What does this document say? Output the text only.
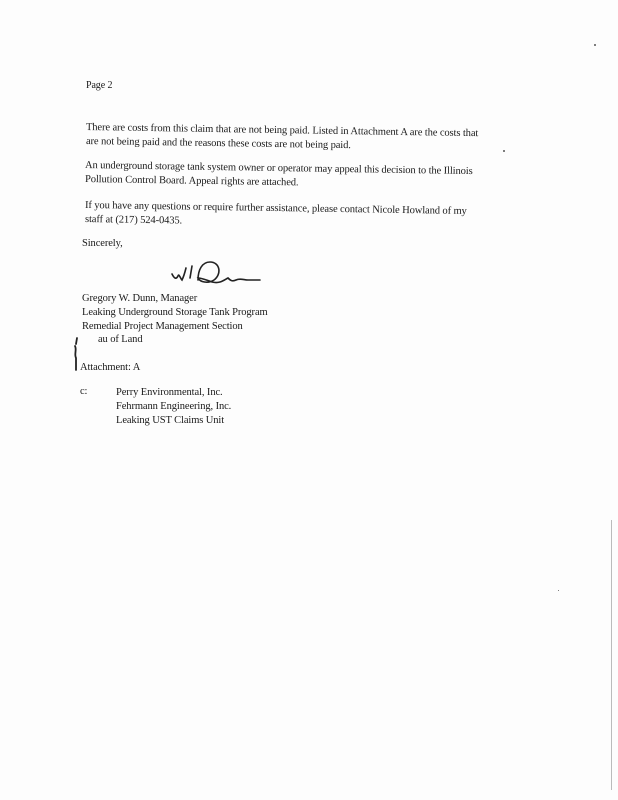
Page 2
There are costs from this claim that are not being paid. Listed in Attachment A are the costs that
are not being paid and the reasons these costs are not being paid.
An underground storage tank system owner or operator may appeal this decision to the Illinois
Pollution Control Board. Appeal rights are attached.
If you have any questions or require further assistance, please contact Nicole Howland of my
staff at (217) 524-0435.
Sincerely,
Gregory W. Dunn, Manager
Leaking Underground Storage Tank Program
Remedial Project Management Section
au of Land
Attachment: A
c:	Perry Environmental, Inc.
Fehrmann Engineering, Inc.
Leaking UST Claims Unit
